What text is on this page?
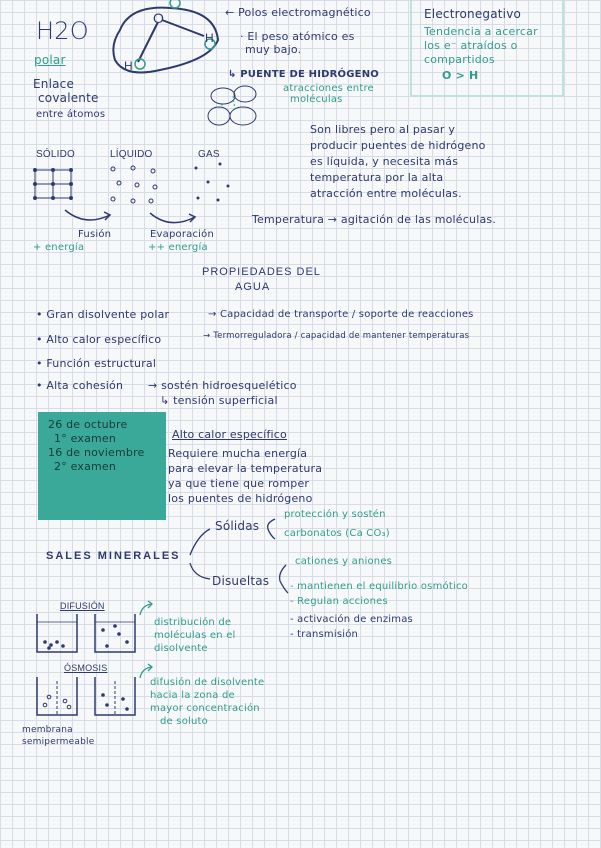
H2O
polar
O
H
H
← Polos electromagnético
· El peso atómico es
muy bajo.
↳ PUENTE DE HIDRÓGENO
atracciones entre
moléculas
Enlace
covalente
entre átomos
Electronegativo
Tendencia a acercar
los e⁻ atraídos o
compartidos
O > H
SÓLIDO	LÍQUIDO	GAS
Fusión
+ energía
Evaporación
++ energía
Son libres pero al pasar y
producir puentes de hidrógeno
es líquida, y necesita más
temperatura por la alta
atracción entre moléculas.
Temperatura → agitación de las moléculas.
PROPIEDADES DEL
AGUA
• Gran disolvente polar	→ Capacidad de transporte / soporte de reacciones
• Alto calor específico	→ Termorreguladora / capacidad de mantener temperaturas
• Función estructural
• Alta cohesión → sostén hidroesquelético
↳ tensión superficial
26 de octubre
1° examen
16 de noviembre
2° examen
Alto calor específico
Requiere mucha energía
para elevar la temperatura
ya que tiene que romper
los puentes de hidrógeno
SALES MINERALES
Sólidas
protección y sostén
carbonatos (Ca CO₃)
Disueltas
cationes y aniones
- mantienen el equilibrio osmótico
- Regulan acciones
- activación de enzimas
- transmisión
DIFUSIÓN
distribución de
moléculas en el
disolvente
ÓSMOSIS
difusión de disolvente
hacia la zona de
mayor concentración
de soluto
membrana
semipermeable
